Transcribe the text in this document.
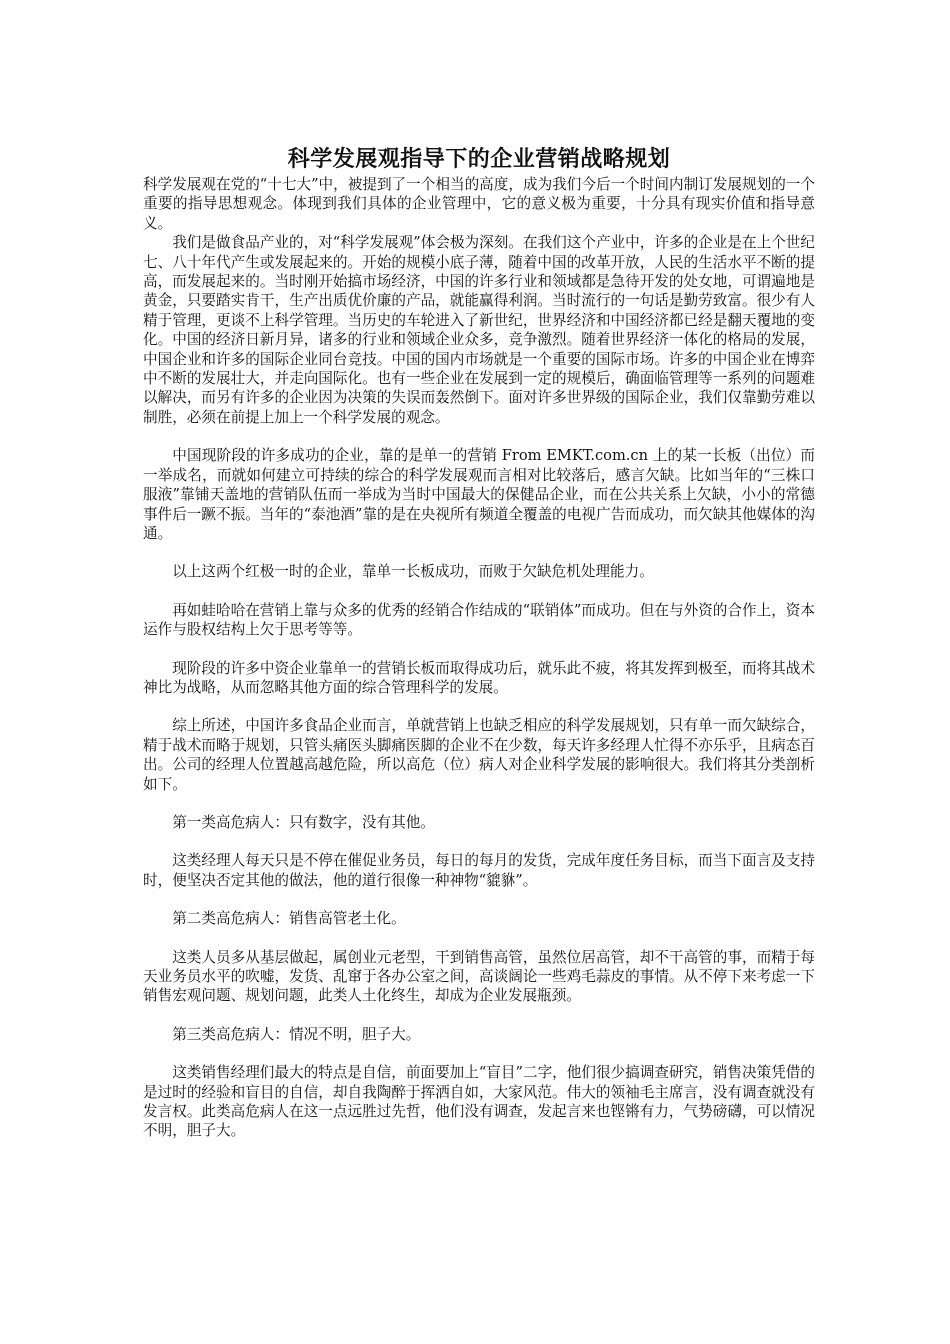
科学发展观指导下的企业营销战略规划

科学发展观在党的“十七大”中，被提到了一个相当的高度，成为我们今后一个时间内制订发展规划的一个重要的指导思想观念。体现到我们具体的企业管理中，它的意义极为重要，十分具有现实价值和指导意义。

我们是做食品产业的，对“科学发展观”体会极为深刻。在我们这个产业中，许多的企业是在上个世纪七、八十年代产生或发展起来的。开始的规模小底子薄，随着中国的改革开放，人民的生活水平不断的提高，而发展起来的。当时刚开始搞市场经济，中国的许多行业和领域都是急待开发的处女地，可谓遍地是黄金，只要踏实肯干，生产出质优价廉的产品，就能赢得利润。当时流行的一句话是勤劳致富。很少有人精于管理，更谈不上科学管理。当历史的车轮进入了新世纪，世界经济和中国经济都已经是翻天覆地的变化。中国的经济日新月异，诸多的行业和领域企业众多，竞争激烈。随着世界经济一体化的格局的发展，中国企业和许多的国际企业同台竞技。中国的国内市场就是一个重要的国际市场。许多的中国企业在博弈中不断的发展壮大，并走向国际化。也有一些企业在发展到一定的规模后，确面临管理等一系列的问题难以解决，而另有许多的企业因为决策的失误而轰然倒下。面对许多世界级的国际企业，我们仅靠勤劳难以制胜，必须在前提上加上一个科学发展的观念。

中国现阶段的许多成功的企业，靠的是单一的营销 From EMKT.com.cn 上的某一长板（出位）而一举成名，而就如何建立可持续的综合的科学发展观而言相对比较落后，感言欠缺。比如当年的“三株口服液”靠铺天盖地的营销队伍而一举成为当时中国最大的保健品企业，而在公共关系上欠缺，小小的常德事件后一蹶不振。当年的“泰池酒”靠的是在央视所有频道全覆盖的电视广告而成功，而欠缺其他媒体的沟通。

以上这两个红极一时的企业，靠单一长板成功，而败于欠缺危机处理能力。

再如蛙哈哈在营销上靠与众多的优秀的经销合作结成的“联销体”而成功。但在与外资的合作上，资本运作与股权结构上欠于思考等等。

现阶段的许多中资企业靠单一的营销长板而取得成功后，就乐此不疲，将其发挥到极至，而将其战术神比为战略，从而忽略其他方面的综合管理科学的发展。

综上所述，中国许多食品企业而言，单就营销上也缺乏相应的科学发展规划，只有单一而欠缺综合，精于战术而略于规划，只管头痛医头脚痛医脚的企业不在少数，每天许多经理人忙得不亦乐乎，且病态百出。公司的经理人位置越高越危险，所以高危（位）病人对企业科学发展的影响很大。我们将其分类剖析如下。

第一类高危病人：只有数字，没有其他。

这类经理人每天只是不停在催促业务员，每日的每月的发货，完成年度任务目标，而当下面言及支持时，便坚决否定其他的做法，他的道行很像一种神物“貔貅”。

第二类高危病人：销售高管老土化。

这类人员多从基层做起，属创业元老型，干到销售高管，虽然位居高管，却不干高管的事，而精于每天业务员水平的吹嘘，发货、乱窜于各办公室之间，高谈阔论一些鸡毛蒜皮的事情。从不停下来考虑一下销售宏观问题、规划问题，此类人土化终生，却成为企业发展瓶颈。

第三类高危病人：情况不明，胆子大。

这类销售经理们最大的特点是自信，前面要加上“盲目”二字，他们很少搞调查研究，销售决策凭借的是过时的经验和盲目的自信，却自我陶醉于挥洒自如，大家风范。伟大的领袖毛主席言，没有调查就没有发言权。此类高危病人在这一点远胜过先哲，他们没有调查，发起言来也铿锵有力，气势磅礴，可以情况不明，胆子大。
